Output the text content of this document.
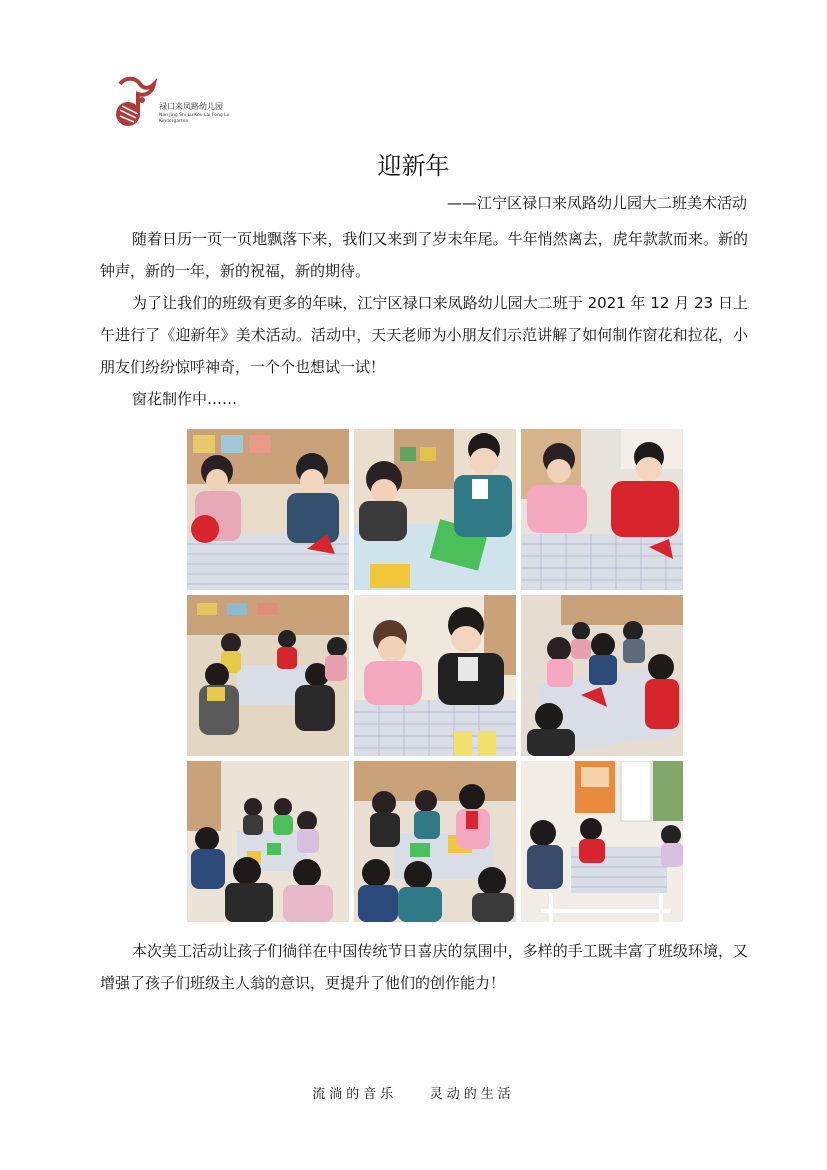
禄口来凤路幼儿园
Nan Jing Shi Lu Kou Lai Feng Lu Kindergarten
迎新年
——江宁区禄口来凤路幼儿园大二班美术活动

随着日历一页一页地飘落下来，我们又来到了岁末年尾。牛年悄然离去，虎年款款而来。新的钟声，新的一年，新的祝福，新的期待。

为了让我们的班级有更多的年味，江宁区禄口来凤路幼儿园大二班于 2021 年 12 月 23 日上午进行了《迎新年》美术活动。活动中，天天老师为小朋友们示范讲解了如何制作窗花和拉花，小朋友们纷纷惊呼神奇，一个个也想试一试！

窗花制作中……

本次美工活动让孩子们徜徉在中国传统节日喜庆的氛围中，多样的手工既丰富了班级环境，又增强了孩子们班级主人翁的意识，更提升了他们的创作能力！

流淌的音乐    灵动的生活
